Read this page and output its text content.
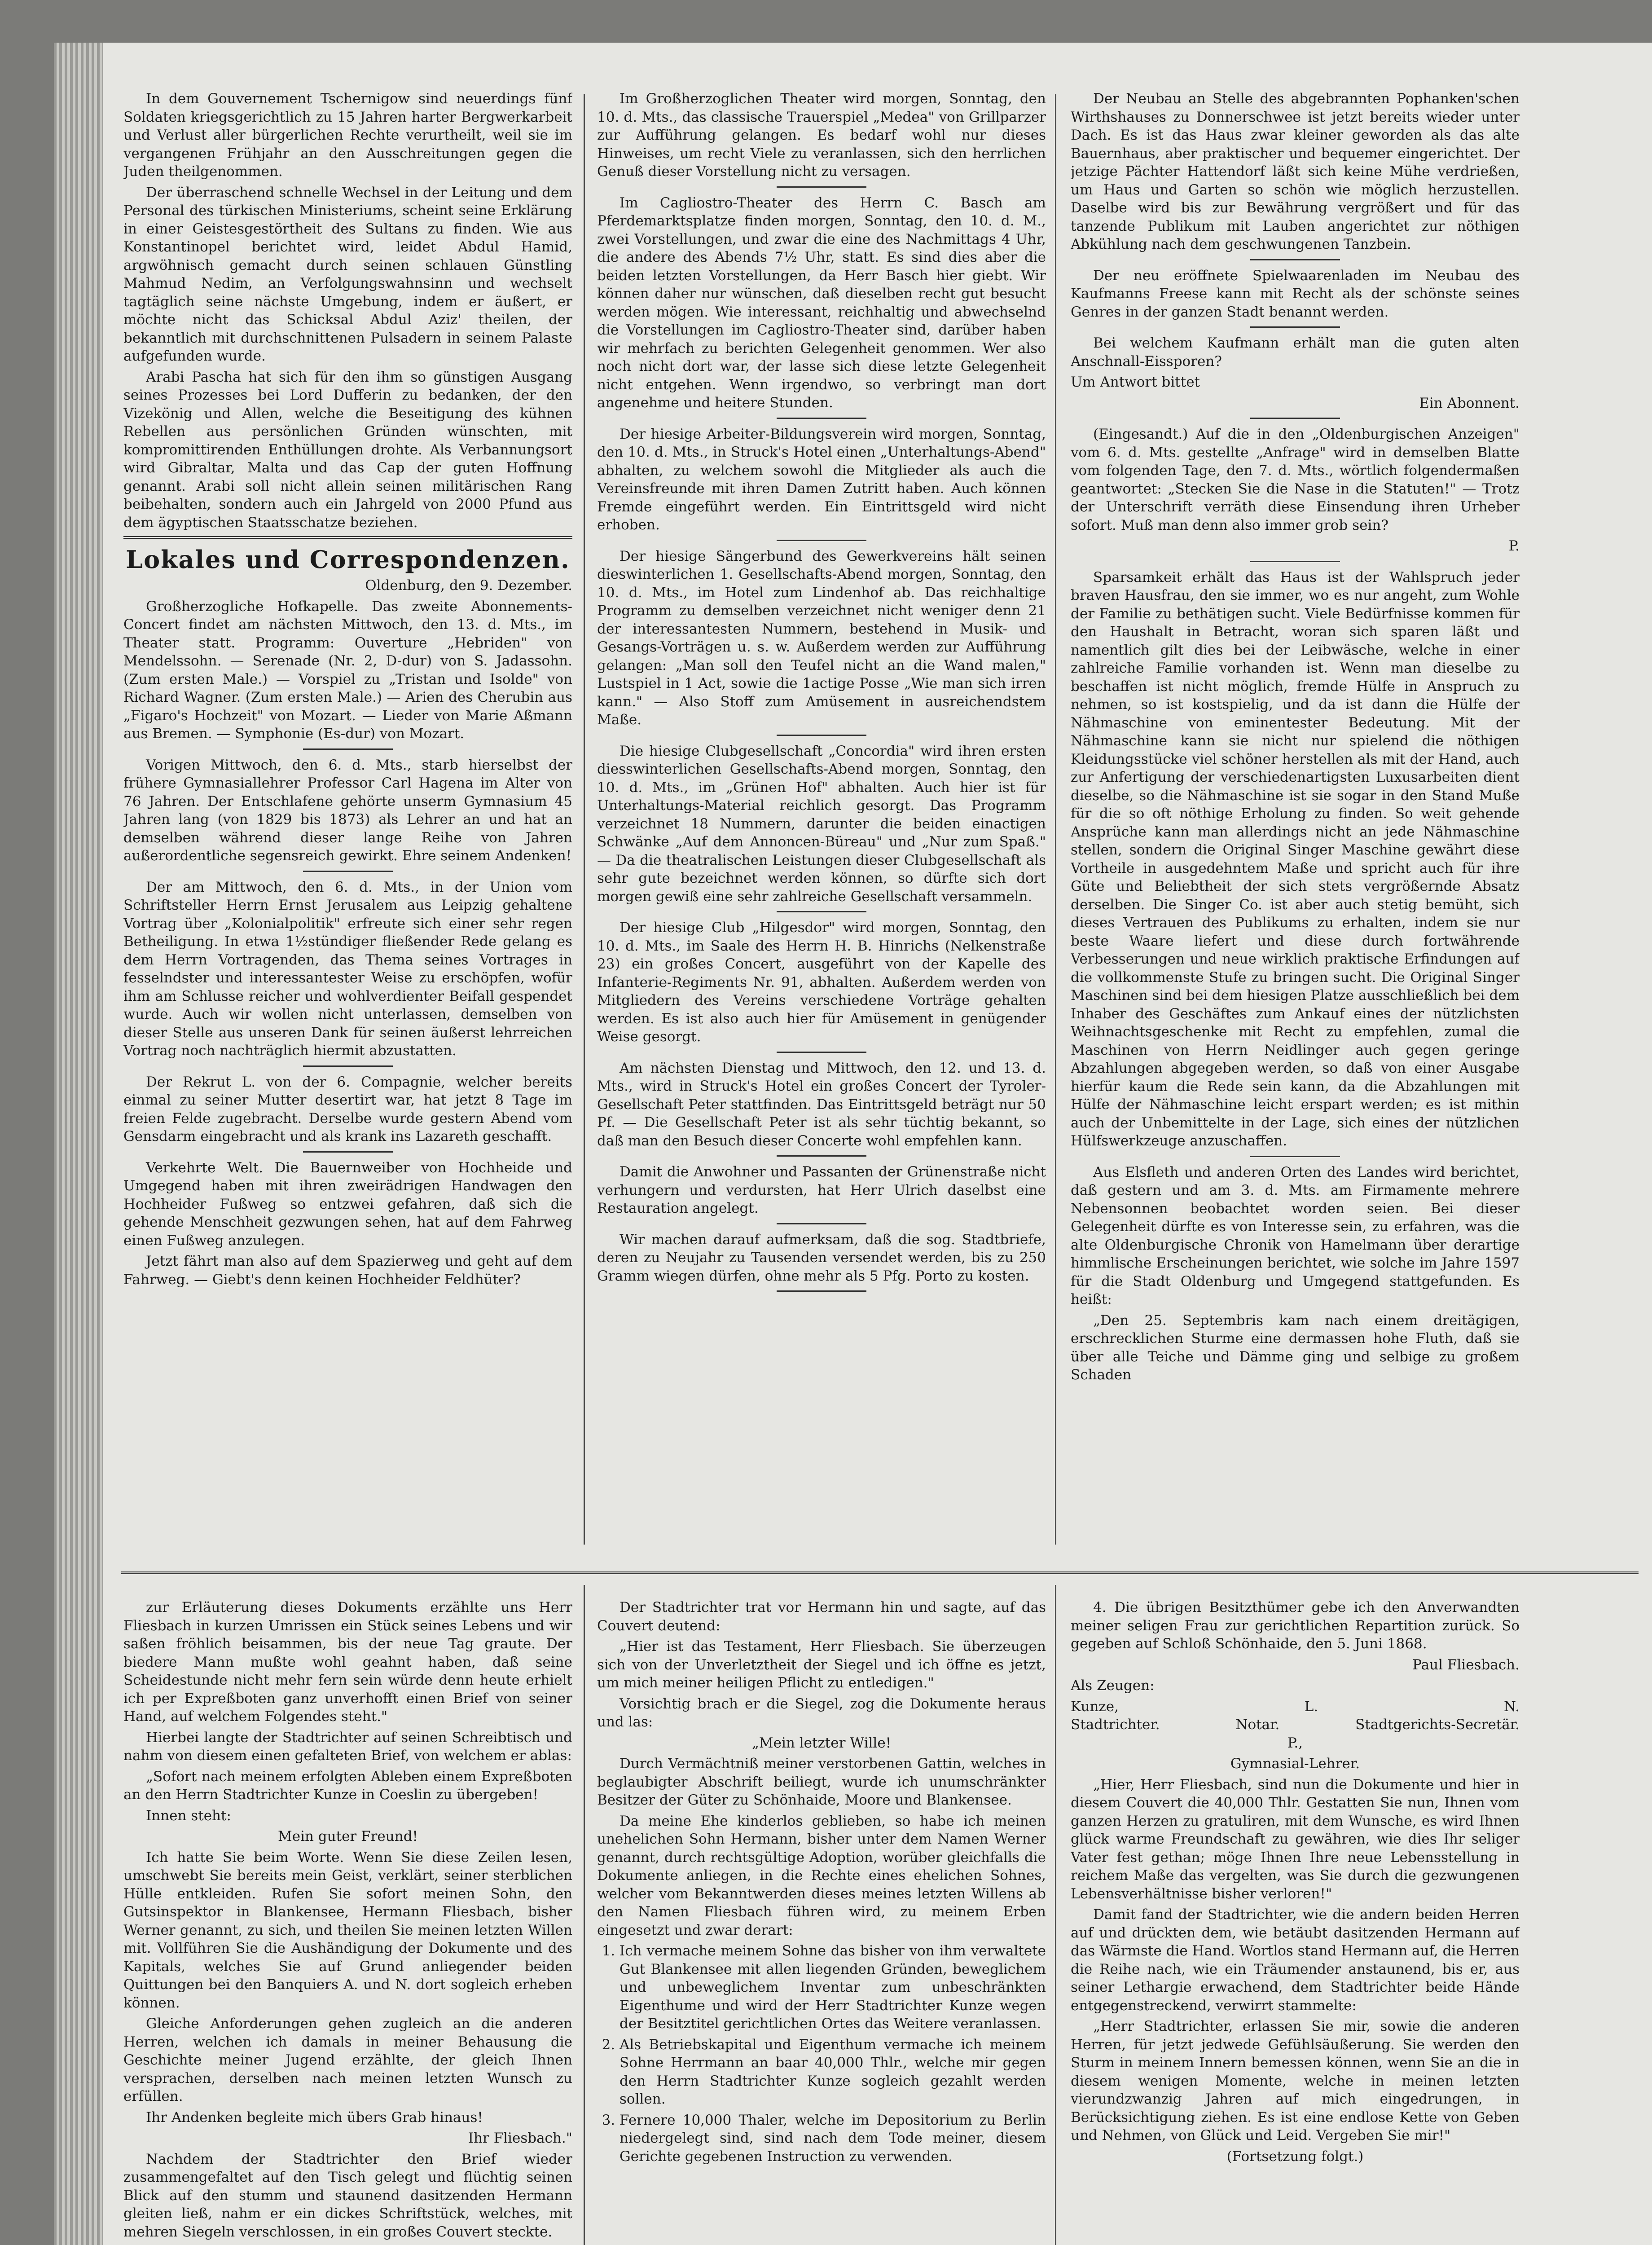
In dem Gouvernement Tschernigow sind neuerdings fünf Soldaten kriegsgerichtlich zu 15 Jahren harter Bergwerkarbeit und Verlust aller bürgerlichen Rechte verurtheilt, weil sie im vergangenen Frühjahr an den Ausschreitungen gegen die Juden theilgenommen.

Der überraschend schnelle Wechsel in der Leitung und dem Personal des türkischen Ministeriums, scheint seine Erklärung in einer Geistesgestörtheit des Sultans zu finden. Wie aus Konstantinopel berichtet wird, leidet Abdul Hamid, argwöhnisch gemacht durch seinen schlauen Günstling Mahmud Nedim, an Verfolgungswahnsinn und wechselt tagtäglich seine nächste Umgebung, indem er äußert, er möchte nicht das Schicksal Abdul Aziz' theilen, der bekanntlich mit durchschnittenen Pulsadern in seinem Palaste aufgefunden wurde.

Arabi Pascha hat sich für den ihm so günstigen Ausgang seines Prozesses bei Lord Dufferin zu bedanken, der den Vizekönig und Allen, welche die Beseitigung des kühnen Rebellen aus persönlichen Gründen wünschten, mit kompromittirenden Enthüllungen drohte. Als Verbannungsort wird Gibraltar, Malta und das Cap der guten Hoffnung genannt. Arabi soll nicht allein seinen militärischen Rang beibehalten, sondern auch ein Jahrgeld von 2000 Pfund aus dem ägyptischen Staatsschatze beziehen.

Lokales und Correspondenzen.

Oldenburg, den 9. Dezember.

Großherzogliche Hofkapelle. Das zweite Abonnements-Concert findet am nächsten Mittwoch, den 13. d. Mts., im Theater statt. Programm: Ouverture „Hebriden" von Mendelssohn. — Serenade (Nr. 2, D-dur) von S. Jadassohn. (Zum ersten Male.) — Vorspiel zu „Tristan und Isolde" von Richard Wagner. (Zum ersten Male.) — Arien des Cherubin aus „Figaro's Hochzeit" von Mozart. — Lieder von Marie Aßmann aus Bremen. — Symphonie (Es-dur) von Mozart.

Vorigen Mittwoch, den 6. d. Mts., starb hierselbst der frühere Gymnasiallehrer Professor Carl Hagena im Alter von 76 Jahren. Der Entschlafene gehörte unserm Gymnasium 45 Jahren lang (von 1829 bis 1873) als Lehrer an und hat an demselben während dieser lange Reihe von Jahren außerordentliche segensreich gewirkt. Ehre seinem Andenken!

Der am Mittwoch, den 6. d. Mts., in der Union vom Schriftsteller Herrn Ernst Jerusalem aus Leipzig gehaltene Vortrag über „Kolonialpolitik" erfreute sich einer sehr regen Betheiligung. In etwa 1½stündiger fließender Rede gelang es dem Herrn Vortragenden, das Thema seines Vortrages in fesselndster und interessantester Weise zu erschöpfen, wofür ihm am Schlusse reicher und wohlverdienter Beifall gespendet wurde. Auch wir wollen nicht unterlassen, demselben von dieser Stelle aus unseren Dank für seinen äußerst lehrreichen Vortrag noch nachträglich hiermit abzustatten.

Der Rekrut L. von der 6. Compagnie, welcher bereits einmal zu seiner Mutter desertirt war, hat jetzt 8 Tage im freien Felde zugebracht. Derselbe wurde gestern Abend vom Gensdarm eingebracht und als krank ins Lazareth geschafft.

Verkehrte Welt. Die Bauernweiber von Hochheide und Umgegend haben mit ihren zweirädrigen Handwagen den Hochheider Fußweg so entzwei gefahren, daß sich die gehende Menschheit gezwungen sehen, hat auf dem Fahrweg einen Fußweg anzulegen.

Jetzt fährt man also auf dem Spazierweg und geht auf dem Fahrweg. — Giebt's denn keinen Hochheider Feldhüter?

Im Großherzoglichen Theater wird morgen, Sonntag, den 10. d. Mts., das classische Trauerspiel „Medea" von Grillparzer zur Aufführung gelangen. Es bedarf wohl nur dieses Hinweises, um recht Viele zu veranlassen, sich den herrlichen Genuß dieser Vorstellung nicht zu versagen.

Im Cagliostro-Theater des Herrn C. Basch am Pferdemarktsplatze finden morgen, Sonntag, den 10. d. M., zwei Vorstellungen, und zwar die eine des Nachmittags 4 Uhr, die andere des Abends 7½ Uhr, statt. Es sind dies aber die beiden letzten Vorstellungen, da Herr Basch hier giebt. Wir können daher nur wünschen, daß dieselben recht gut besucht werden mögen. Wie interessant, reichhaltig und abwechselnd die Vorstellungen im Cagliostro-Theater sind, darüber haben wir mehrfach zu berichten Gelegenheit genommen. Wer also noch nicht dort war, der lasse sich diese letzte Gelegenheit nicht entgehen. Wenn irgendwo, so verbringt man dort angenehme und heitere Stunden.

Der hiesige Arbeiter-Bildungsverein wird morgen, Sonntag, den 10. d. Mts., in Struck's Hotel einen „Unterhaltungs-Abend" abhalten, zu welchem sowohl die Mitglieder als auch die Vereinsfreunde mit ihren Damen Zutritt haben. Auch können Fremde eingeführt werden. Ein Eintrittsgeld wird nicht erhoben.

Der hiesige Sängerbund des Gewerkvereins hält seinen dieswinterlichen 1. Gesellschafts-Abend morgen, Sonntag, den 10. d. Mts., im Hotel zum Lindenhof ab. Das reichhaltige Programm zu demselben verzeichnet nicht weniger denn 21 der interessantesten Nummern, bestehend in Musik- und Gesangs-Vorträgen u. s. w. Außerdem werden zur Aufführung gelangen: „Man soll den Teufel nicht an die Wand malen," Lustspiel in 1 Act, sowie die 1actige Posse „Wie man sich irren kann." — Also Stoff zum Amüsement in ausreichendstem Maße.

Die hiesige Clubgesellschaft „Concordia" wird ihren ersten diesswinterlichen Gesellschafts-Abend morgen, Sonntag, den 10. d. Mts., im „Grünen Hof" abhalten. Auch hier ist für Unterhaltungs-Material reichlich gesorgt. Das Programm verzeichnet 18 Nummern, darunter die beiden einactigen Schwänke „Auf dem Annoncen-Büreau" und „Nur zum Spaß." — Da die theatralischen Leistungen dieser Clubgesellschaft als sehr gute bezeichnet werden können, so dürfte sich dort morgen gewiß eine sehr zahlreiche Gesellschaft versammeln.

Der hiesige Club „Hilgesdor" wird morgen, Sonntag, den 10. d. Mts., im Saale des Herrn H. B. Hinrichs (Nelkenstraße 23) ein großes Concert, ausgeführt von der Kapelle des Infanterie-Regiments Nr. 91, abhalten. Außerdem werden von Mitgliedern des Vereins verschiedene Vorträge gehalten werden. Es ist also auch hier für Amüsement in genügender Weise gesorgt.

Am nächsten Dienstag und Mittwoch, den 12. und 13. d. Mts., wird in Struck's Hotel ein großes Concert der Tyroler-Gesellschaft Peter stattfinden. Das Eintrittsgeld beträgt nur 50 Pf. — Die Gesellschaft Peter ist als sehr tüchtig bekannt, so daß man den Besuch dieser Concerte wohl empfehlen kann.

Damit die Anwohner und Passanten der Grünenstraße nicht verhungern und verdursten, hat Herr Ulrich daselbst eine Restauration angelegt.

Wir machen darauf aufmerksam, daß die sog. Stadtbriefe, deren zu Neujahr zu Tausenden versendet werden, bis zu 250 Gramm wiegen dürfen, ohne mehr als 5 Pfg. Porto zu kosten.

Der Neubau an Stelle des abgebrannten Pophanken'schen Wirthshauses zu Donnerschwee ist jetzt bereits wieder unter Dach. Es ist das Haus zwar kleiner geworden als das alte Bauernhaus, aber praktischer und bequemer eingerichtet. Der jetzige Pächter Hattendorf läßt sich keine Mühe verdrießen, um Haus und Garten so schön wie möglich herzustellen. Daselbe wird bis zur Bewährung vergrößert und für das tanzende Publikum mit Lauben angerichtet zur nöthigen Abkühlung nach dem geschwungenen Tanzbein.

Der neu eröffnete Spielwaarenladen im Neubau des Kaufmanns Freese kann mit Recht als der schönste seines Genres in der ganzen Stadt benannt werden.

Bei welchem Kaufmann erhält man die guten alten Anschnall-Eissporen?

Um Antwort bittet

Ein Abonnent.

(Eingesandt.) Auf die in den „Oldenburgischen Anzeigen" vom 6. d. Mts. gestellte „Anfrage" wird in demselben Blatte vom folgenden Tage, den 7. d. Mts., wörtlich folgendermaßen geantwortet: „Stecken Sie die Nase in die Statuten!" — Trotz der Unterschrift verräth diese Einsendung ihren Urheber sofort. Muß man denn also immer grob sein?

P.

Sparsamkeit erhält das Haus ist der Wahlspruch jeder braven Hausfrau, den sie immer, wo es nur angeht, zum Wohle der Familie zu bethätigen sucht. Viele Bedürfnisse kommen für den Haushalt in Betracht, woran sich sparen läßt und namentlich gilt dies bei der Leibwäsche, welche in einer zahlreiche Familie vorhanden ist. Wenn man dieselbe zu beschaffen ist nicht möglich, fremde Hülfe in Anspruch zu nehmen, so ist kostspielig, und da ist dann die Hülfe der Nähmaschine von eminentester Bedeutung. Mit der Nähmaschine kann sie nicht nur spielend die nöthigen Kleidungsstücke viel schöner herstellen als mit der Hand, auch zur Anfertigung der verschiedenartigsten Luxusarbeiten dient dieselbe, so die Nähmaschine ist sie sogar in den Stand Muße für die so oft nöthige Erholung zu finden. So weit gehende Ansprüche kann man allerdings nicht an jede Nähmaschine stellen, sondern die Original Singer Maschine gewährt diese Vortheile in ausgedehntem Maße und spricht auch für ihre Güte und Beliebtheit der sich stets vergrößernde Absatz derselben. Die Singer Co. ist aber auch stetig bemüht, sich dieses Vertrauen des Publikums zu erhalten, indem sie nur beste Waare liefert und diese durch fortwährende Verbesserungen und neue wirklich praktische Erfindungen auf die vollkommenste Stufe zu bringen sucht. Die Original Singer Maschinen sind bei dem hiesigen Platze ausschließlich bei dem Inhaber des Geschäftes zum Ankauf eines der nützlichsten Weihnachtsgeschenke mit Recht zu empfehlen, zumal die Maschinen von Herrn Neidlinger auch gegen geringe Abzahlungen abgegeben werden, so daß von einer Ausgabe hierfür kaum die Rede sein kann, da die Abzahlungen mit Hülfe der Nähmaschine leicht erspart werden; es ist mithin auch der Unbemittelte in der Lage, sich eines der nützlichen Hülfswerkzeuge anzuschaffen.

Aus Elsfleth und anderen Orten des Landes wird berichtet, daß gestern und am 3. d. Mts. am Firmamente mehrere Nebensonnen beobachtet worden seien. Bei dieser Gelegenheit dürfte es von Interesse sein, zu erfahren, was die alte Oldenburgische Chronik von Hamelmann über derartige himmlische Erscheinungen berichtet, wie solche im Jahre 1597 für die Stadt Oldenburg und Umgegend stattgefunden. Es heißt:

„Den 25. Septembris kam nach einem dreitägigen, erschrecklichen Sturme eine dermassen hohe Fluth, daß sie über alle Teiche und Dämme ging und selbige zu großem Schaden

zur Erläuterung dieses Dokuments erzählte uns Herr Fliesbach in kurzen Umrissen ein Stück seines Lebens und wir saßen fröhlich beisammen, bis der neue Tag graute. Der biedere Mann mußte wohl geahnt haben, daß seine Scheidestunde nicht mehr fern sein würde denn heute erhielt ich per Expreßboten ganz unverhofft einen Brief von seiner Hand, auf welchem Folgendes steht."

Hierbei langte der Stadtrichter auf seinen Schreibtisch und nahm von diesem einen gefalteten Brief, von welchem er ablas:

„Sofort nach meinem erfolgten Ableben einem Expreßboten an den Herrn Stadtrichter Kunze in Coeslin zu übergeben!

Innen steht:

Mein guter Freund!

Ich hatte Sie beim Worte. Wenn Sie diese Zeilen lesen, umschwebt Sie bereits mein Geist, verklärt, seiner sterblichen Hülle entkleiden. Rufen Sie sofort meinen Sohn, den Gutsinspektor in Blankensee, Hermann Fliesbach, bisher Werner genannt, zu sich, und theilen Sie meinen letzten Willen mit. Vollführen Sie die Aushändigung der Dokumente und des Kapitals, welches Sie auf Grund anliegender beiden Quittungen bei den Banquiers A. und N. dort sogleich erheben können.

Gleiche Anforderungen gehen zugleich an die anderen Herren, welchen ich damals in meiner Behausung die Geschichte meiner Jugend erzählte, der gleich Ihnen versprachen, derselben nach meinen letzten Wunsch zu erfüllen.

Ihr Andenken begleite mich übers Grab hinaus!

Ihr Fliesbach."

Nachdem der Stadtrichter den Brief wieder zusammengefaltet auf den Tisch gelegt und flüchtig seinen Blick auf den stumm und staunend dasitzenden Hermann gleiten ließ, nahm er ein dickes Schriftstück, welches, mit mehren Siegeln verschlossen, in ein großes Couvert steckte.

Der Stadtrichter trat vor Hermann hin und sagte, auf das Couvert deutend:

„Hier ist das Testament, Herr Fliesbach. Sie überzeugen sich von der Unverletztheit der Siegel und ich öffne es jetzt, um mich meiner heiligen Pflicht zu entledigen."

Vorsichtig brach er die Siegel, zog die Dokumente heraus und las:

„Mein letzter Wille!

Durch Vermächtniß meiner verstorbenen Gattin, welches in beglaubigter Abschrift beiliegt, wurde ich unumschränkter Besitzer der Güter zu Schönhaide, Moore und Blankensee.

Da meine Ehe kinderlos geblieben, so habe ich meinen unehelichen Sohn Hermann, bisher unter dem Namen Werner genannt, durch rechtsgültige Adoption, worüber gleichfalls die Dokumente anliegen, in die Rechte eines ehelichen Sohnes, welcher vom Bekanntwerden dieses meines letzten Willens ab den Namen Fliesbach führen wird, zu meinem Erben eingesetzt und zwar derart:

1. Ich vermache meinem Sohne das bisher von ihm verwaltete Gut Blankensee mit allen liegenden Gründen, beweglichem und unbeweglichem Inventar zum unbeschränkten Eigenthume und wird der Herr Stadtrichter Kunze wegen der Besitztitel gerichtlichen Ortes das Weitere veranlassen.
2. Als Betriebskapital und Eigenthum vermache ich meinem Sohne Herrmann an baar 40,000 Thlr., welche mir gegen den Herrn Stadtrichter Kunze sogleich gezahlt werden sollen.
3. Fernere 10,000 Thaler, welche im Depositorium zu Berlin niedergelegt sind, sind nach dem Tode meiner, diesem Gerichte gegebenen Instruction zu verwenden.

4. Die übrigen Besitzthümer gebe ich den Anverwandten meiner seligen Frau zur gerichtlichen Repartition zurück. So gegeben auf Schloß Schönhaide, den 5. Juni 1868.

Paul Fliesbach.

Als Zeugen:

Kunze,	L.	N.
Stadtrichter.	Notar.	Stadtgerichts-Secretär.

P.,

Gymnasial-Lehrer.

„Hier, Herr Fliesbach, sind nun die Dokumente und hier in diesem Couvert die 40,000 Thlr. Gestatten Sie nun, Ihnen vom ganzen Herzen zu gratuliren, mit dem Wunsche, es wird Ihnen glück warme Freundschaft zu gewähren, wie dies Ihr seliger Vater fest gethan; möge Ihnen Ihre neue Lebensstellung in reichem Maße das vergelten, was Sie durch die gezwungenen Lebensverhältnisse bisher verloren!"

Damit fand der Stadtrichter, wie die andern beiden Herren auf und drückten dem, wie betäubt dasitzenden Hermann auf das Wärmste die Hand. Wortlos stand Hermann auf, die Herren die Reihe nach, wie ein Träumender anstaunend, bis er, aus seiner Lethargie erwachend, dem Stadtrichter beide Hände entgegenstreckend, verwirrt stammelte:

„Herr Stadtrichter, erlassen Sie mir, sowie die anderen Herren, für jetzt jedwede Gefühlsäußerung. Sie werden den Sturm in meinem Innern bemessen können, wenn Sie an die in diesem wenigen Momente, welche in meinen letzten vierundzwanzig Jahren auf mich eingedrungen, in Berücksichtigung ziehen. Es ist eine endlose Kette von Geben und Nehmen, von Glück und Leid. Vergeben Sie mir!"

(Fortsetzung folgt.)
